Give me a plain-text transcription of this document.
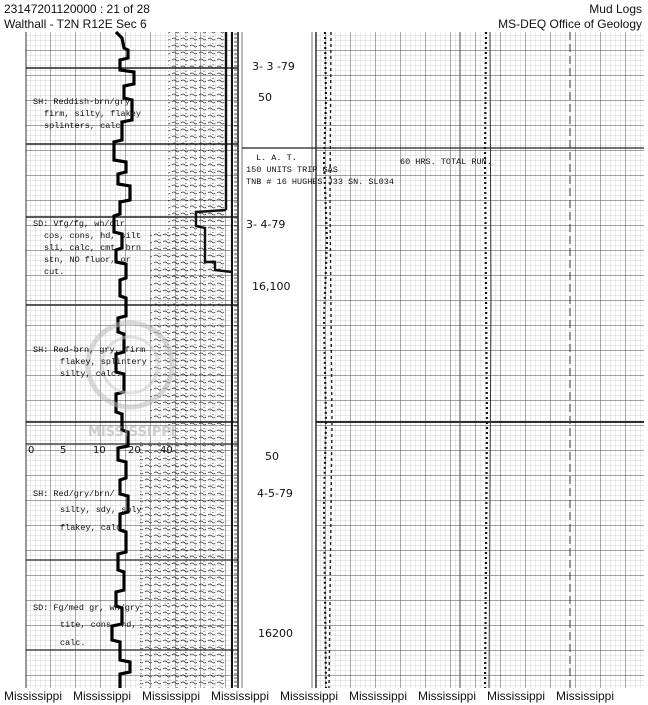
23147201120000 : 21 of 28
Walthall - T2N R12E Sec 6
Mud Logs
MS-DEQ Office of Geology
MISSISSIPPI
0	5	10 20 40
3- 3 -79
50
3- 4-79
16,100
50
4-5-79
16200
SH: Reddish-brn/gry firm, silty, flakey splinters, calc.
SD: Vfg/fg, wh/clr cos, cons, hd, silt sli, calc, cmt, brn stn, NO fluor, or cut.
SH: Red-brn, gry, firm flakey, splintery silty, calc.
SH: Red/gry/brn/ silty, sdy, sply flakey, calc.
SD: Fg/med gr, wh/gry tite, cons, hd, calc.
L. A. T.
150 UNITS TRIP GAS
60 HRS. TOTAL RUN.
TNB # 16 HUGHES J33 SN. SL034
Mississippi Mississippi Mississippi Mississippi Mississippi Mississippi Mississippi Mississippi Mississippi
